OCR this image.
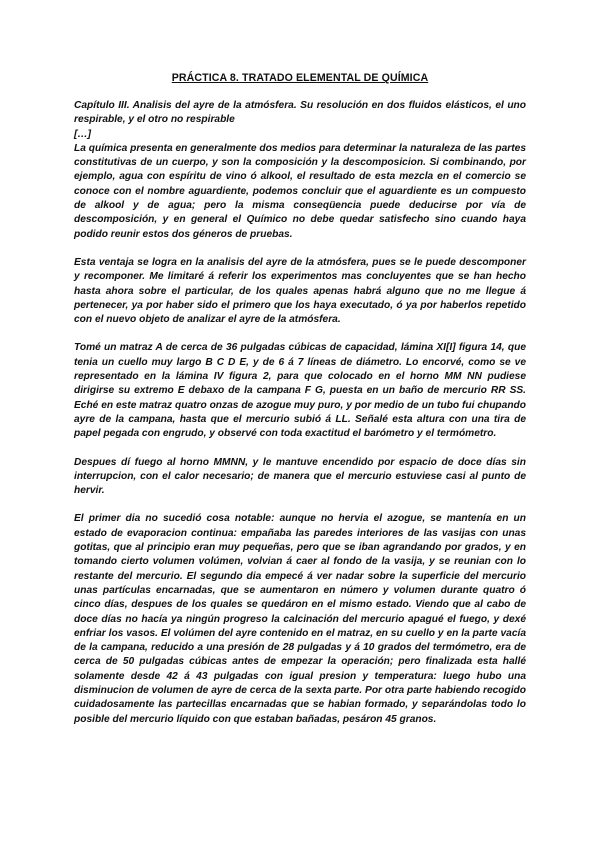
PRÁCTICA 8. TRATADO ELEMENTAL DE QUÍMICA

Capítulo III. Analisis del ayre de la atmósfera. Su resolución en dos fluidos elásticos, el uno respirable, y el otro no respirable

[…]

La química presenta en generalmente dos medios para determinar la naturaleza de las partes constitutivas de un cuerpo, y son la composición y la descomposicion. Si combinando, por ejemplo, agua con espíritu de vino ó alkool, el resultado de esta mezcla en el comercio se conoce con el nombre aguardiente, podemos concluir que el aguardiente es un compuesto de alkool y de agua; pero la misma conseqüencia puede deducirse por vía de descomposición, y en general el Químico no debe quedar satisfecho sino cuando haya podido reunir estos dos géneros de pruebas.

Esta ventaja se logra en la analisis del ayre de la atmósfera, pues se le puede descomponer y recomponer. Me limitaré á referir los experimentos mas concluyentes que se han hecho hasta ahora sobre el particular, de los quales apenas habrá alguno que no me llegue á pertenecer, ya por haber sido el primero que los haya executado, ó ya por haberlos repetido con el nuevo objeto de analizar el ayre de la atmósfera.

Tomé un matraz A de cerca de 36 pulgadas cúbicas de capacidad, lámina XI[I] figura 14, que tenia un cuello muy largo B C D E, y de 6 á 7 líneas de diámetro. Lo encorvé, como se ve representado en la lámina IV figura 2, para que colocado en el horno MM NN pudiese dirigirse su extremo E debaxo de la campana F G, puesta en un baño de mercurio RR SS. Eché en este matraz quatro onzas de azogue muy puro, y por medio de un tubo fui chupando ayre de la campana, hasta que el mercurio subió á LL. Señalé esta altura con una tira de papel pegada con engrudo, y observé con toda exactitud el barómetro y el termómetro.

Despues dí fuego al horno MMNN, y le mantuve encendido por espacio de doce días sin interrupcion, con el calor necesario; de manera que el mercurio estuviese casi al punto de hervir.

El primer dia no sucedió cosa notable: aunque no hervia el azogue, se mantenía en un estado de evaporacion continua: empañaba las paredes interiores de las vasijas con unas gotitas, que al principio eran muy pequeñas, pero que se iban agrandando por grados, y en tomando cierto volumen volúmen, volvian á caer al fondo de la vasija, y se reunian con lo restante del mercurio. El segundo dia empecé á ver nadar sobre la superficie del mercurio unas partículas encarnadas, que se aumentaron en número y volumen durante quatro ó cinco días, despues de los quales se quedáron en el mismo estado. Viendo que al cabo de doce días no hacía ya ningún progreso la calcinación del mercurio apagué el fuego, y dexé enfriar los vasos. El volúmen del ayre contenido en el matraz, en su cuello y en la parte vacía de la campana, reducido a una presión de 28 pulgadas y á 10 grados del termómetro, era de cerca de 50 pulgadas cúbicas antes de empezar la operación; pero finalizada esta hallé solamente desde 42 á 43 pulgadas con igual presion y temperatura: luego hubo una disminucion de volumen de ayre de cerca de la sexta parte. Por otra parte habiendo recogido cuidadosamente las partecillas encarnadas que se habian formado, y separándolas todo lo posible del mercurio líquido con que estaban bañadas, pesáron 45 granos.
